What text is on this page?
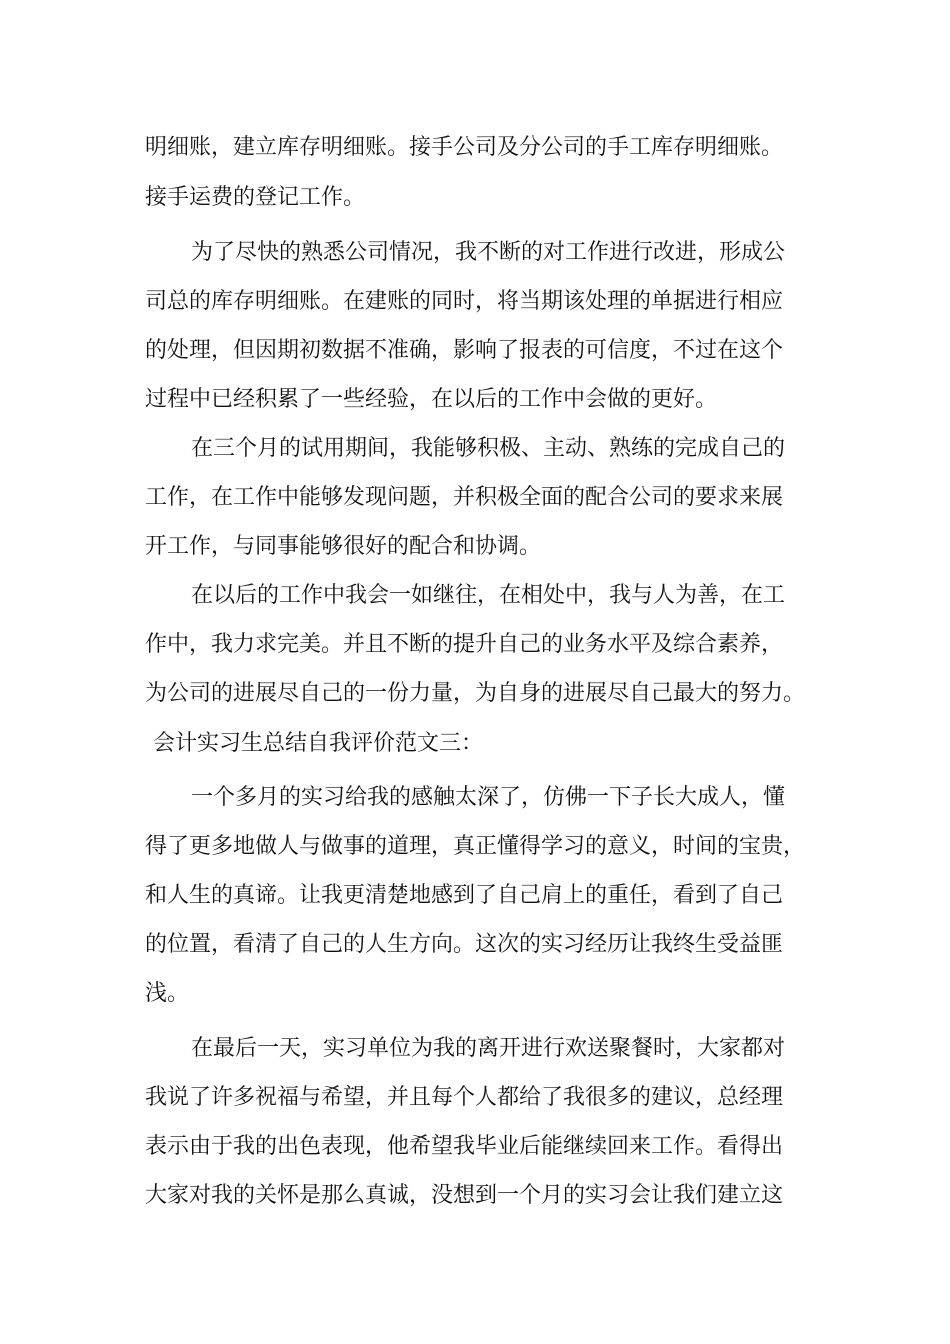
明细账，建立库存明细账。接手公司及分公司的手工库存明细账。
接手运费的登记工作。
为了尽快的熟悉公司情况，我不断的对工作进行改进，形成公
司总的库存明细账。在建账的同时，将当期该处理的单据进行相应
的处理，但因期初数据不准确，影响了报表的可信度，不过在这个
过程中已经积累了一些经验，在以后的工作中会做的更好。
在三个月的试用期间，我能够积极、主动、熟练的完成自己的
工作，在工作中能够发现问题，并积极全面的配合公司的要求来展
开工作，与同事能够很好的配合和协调。
在以后的工作中我会一如继往，在相处中，我与人为善，在工
作中，我力求完美。并且不断的提升自己的业务水平及综合素养，
为公司的进展尽自己的一份力量，为自身的进展尽自己最大的努力。
会计实习生总结自我评价范文三：
一个多月的实习给我的感触太深了，仿佛一下子长大成人，懂
得了更多地做人与做事的道理，真正懂得学习的意义，时间的宝贵，
和人生的真谛。让我更清楚地感到了自己肩上的重任，看到了自己
的位置，看清了自己的人生方向。这次的实习经历让我终生受益匪
浅。
在最后一天，实习单位为我的离开进行欢送聚餐时，大家都对
我说了许多祝福与希望，并且每个人都给了我很多的建议，总经理
表示由于我的出色表现，他希望我毕业后能继续回来工作。看得出
大家对我的关怀是那么真诚，没想到一个月的实习会让我们建立这
